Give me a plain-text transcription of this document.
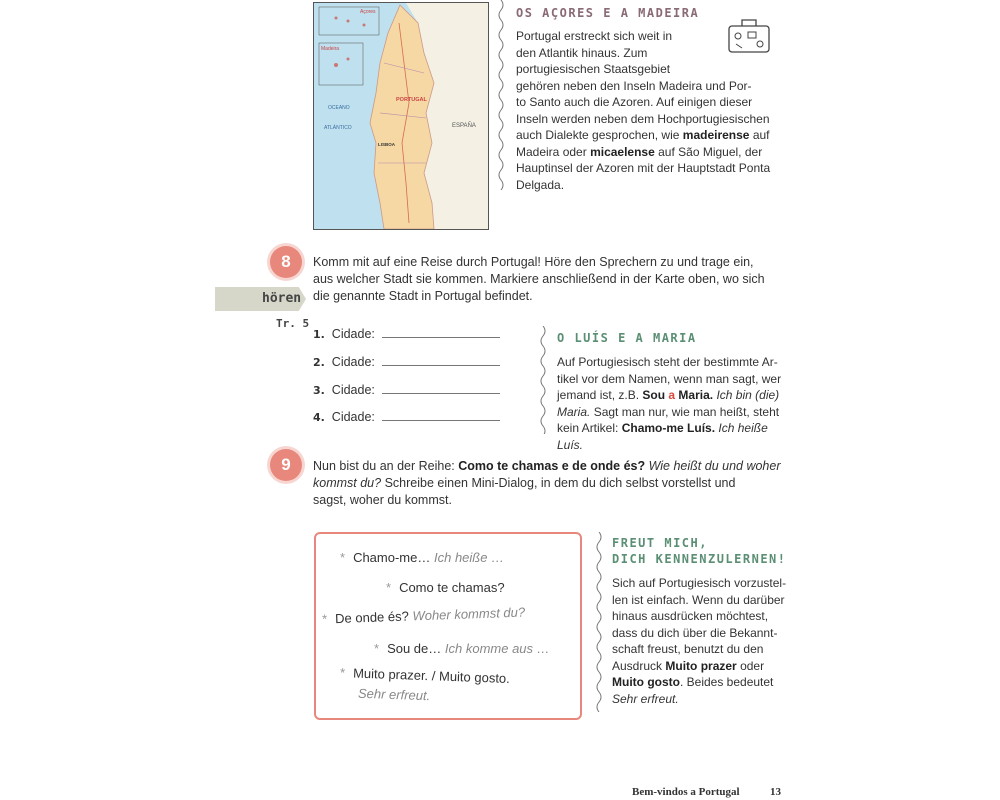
Açores
Madeira
OCEANO
ATLÁNTICO
PORTUGAL
ESPAÑA
LISBOA
OS AÇORES E A MADEIRA
Portugal erstreckt sich weit in
den Atlantik hinaus. Zum
portugiesischen Staatsgebiet
gehören neben den Inseln Madeira und Por-
to Santo auch die Azoren. Auf einigen dieser
Inseln werden neben dem Hochportugiesischen
auch Dialekte gesprochen, wie madeirense auf
Madeira oder micaelense auf São Miguel, der
Hauptinsel der Azoren mit der Hauptstadt Ponta
Delgada.
8
hören
Tr. 5
Komm mit auf eine Reise durch Portugal! Höre den Sprechern zu und trage ein,
aus welcher Stadt sie kommen. Markiere anschließend in der Karte oben, wo sich
die genannte Stadt in Portugal befindet.
1. Cidade:
2. Cidade:
3. Cidade:
4. Cidade:
O LUÍS E A MARIA
Auf Portugiesisch steht der bestimmte Ar-
tikel vor dem Namen, wenn man sagt, wer
jemand ist, z.B. Sou a Maria. Ich bin (die)
Maria. Sagt man nur, wie man heißt, steht
kein Artikel: Chamo-me Luís. Ich heiße Luís.
9	Nun bist du an der Reihe: Como te chamas e de onde és? Wie heißt du und woher
kommst du? Schreibe einen Mini-Dialog, in dem du dich selbst vorstellst und
sagst, woher du kommst.
* Chamo-me… Ich heiße …
* Como te chamas?
* De onde és? Woher kommst du?
* Sou de… Ich komme aus …
* Muito prazer. / Muito gosto.
Sehr erfreut.
FREUT MICH,
DICH KENNENZULERNEN!
Sich auf Portugiesisch vorzustel-
len ist einfach. Wenn du darüber
hinaus ausdrücken möchtest,
dass du dich über die Bekannt-
schaft freust, benutzt du den
Ausdruck Muito prazer oder
Muito gosto. Beides bedeutet
Sehr erfreut.
Bem-vindos a Portugal	13
